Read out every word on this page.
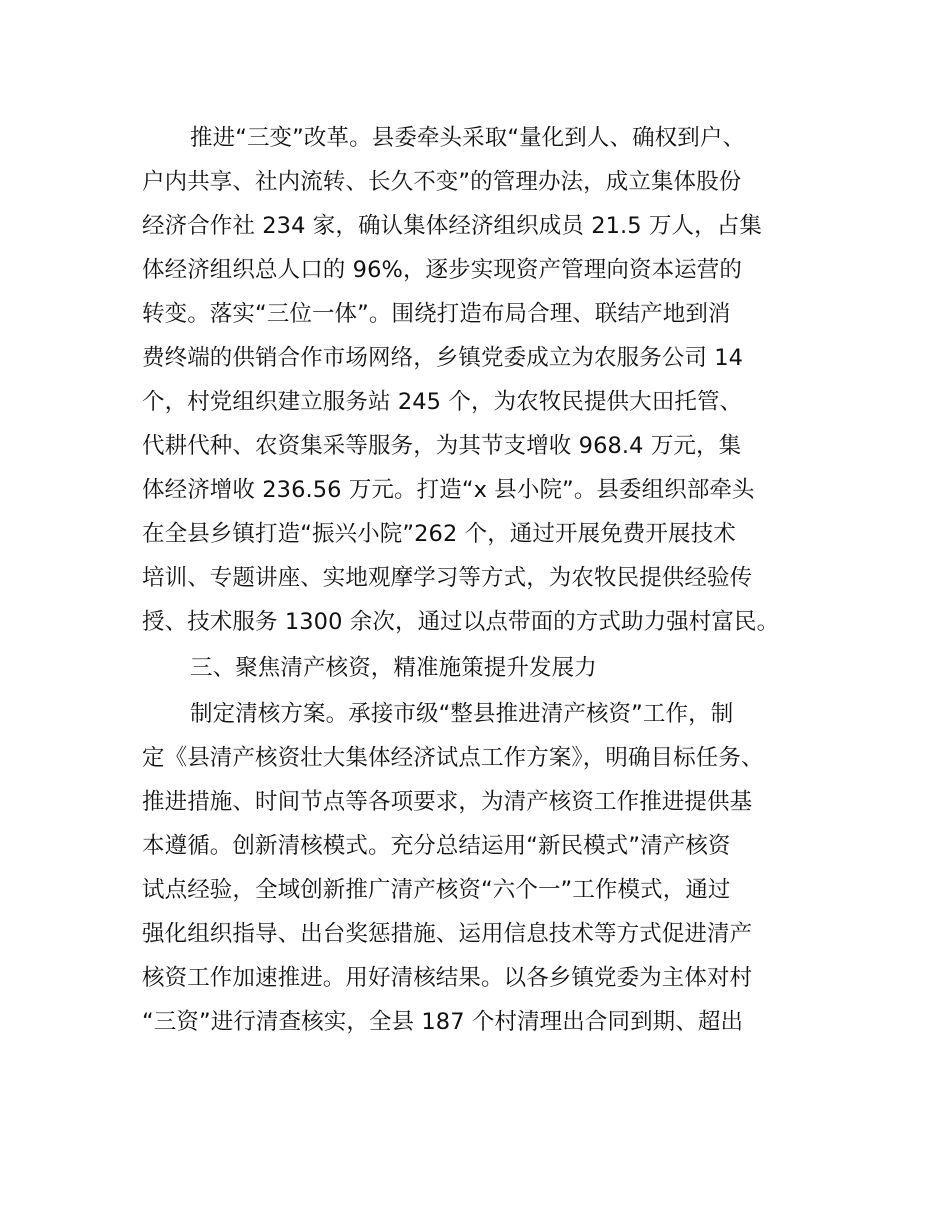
推进“三变”改革。县委牵头采取“量化到人、确权到户、
户内共享、社内流转、长久不变”的管理办法，成立集体股份
经济合作社 234 家，确认集体经济组织成员 21.5 万人，占集
体经济组织总人口的 96%，逐步实现资产管理向资本运营的
转变。落实“三位一体”。围绕打造布局合理、联结产地到消
费终端的供销合作市场网络，乡镇党委成立为农服务公司 14
个，村党组织建立服务站 245 个，为农牧民提供大田托管、
代耕代种、农资集采等服务，为其节支增收 968.4 万元，集
体经济增收 236.56 万元。打造“x 县小院”。县委组织部牵头
在全县乡镇打造“振兴小院”262 个，通过开展免费开展技术
培训、专题讲座、实地观摩学习等方式，为农牧民提供经验传
授、技术服务 1300 余次，通过以点带面的方式助力强村富民。
三、聚焦清产核资，精准施策提升发展力
制定清核方案。承接市级“整县推进清产核资”工作，制
定《县清产核资壮大集体经济试点工作方案》，明确目标任务、
推进措施、时间节点等各项要求，为清产核资工作推进提供基
本遵循。创新清核模式。充分总结运用“新民模式”清产核资
试点经验，全域创新推广清产核资“六个一”工作模式，通过
强化组织指导、出台奖惩措施、运用信息技术等方式促进清产
核资工作加速推进。用好清核结果。以各乡镇党委为主体对村
“三资”进行清查核实，全县 187 个村清理出合同到期、超出
